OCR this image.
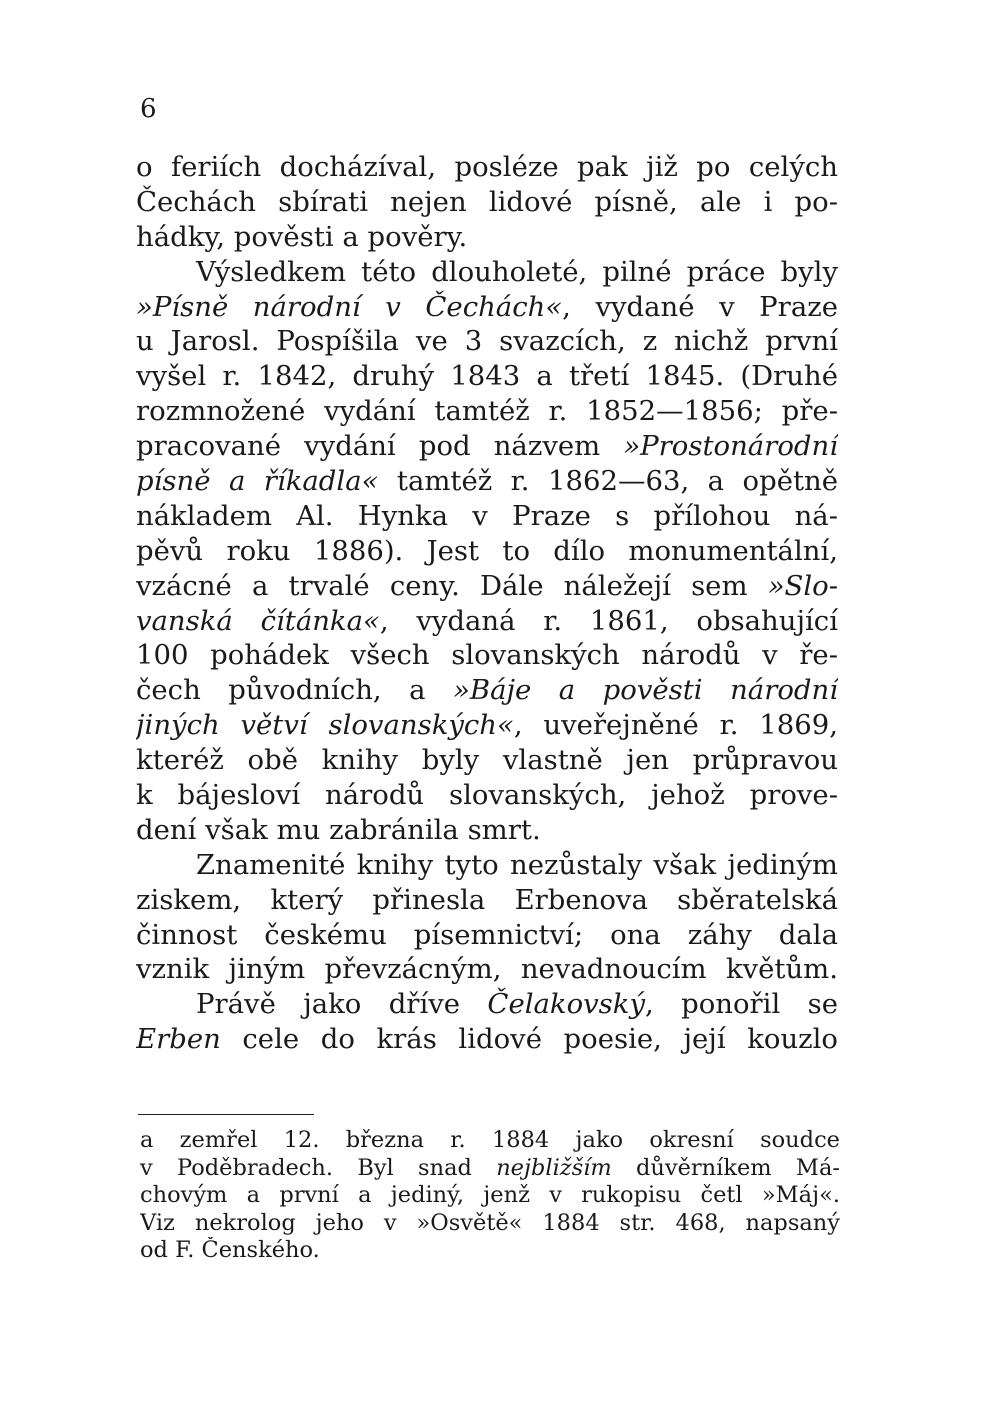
6
o feriích docházíval, posléze pak již po celých
Čechách sbírati nejen lidové písně, ale i po-
hádky, pověsti a pověry.
Výsledkem této dlouholeté, pilné práce byly
»Písně národní v Čechách«, vydané v Praze
u Jarosl. Pospíšila ve 3 svazcích, z nichž první
vyšel r. 1842, druhý 1843 a třetí 1845. (Druhé
rozmnožené vydání tamtéž r. 1852—1856; pře-
pracované vydání pod názvem »Prostonárodní
písně a říkadla« tamtéž r. 1862—63, a opětně
nákladem Al. Hynka v Praze s přílohou ná-
pěvů roku 1886). Jest to dílo monumentální,
vzácné a trvalé ceny. Dále náležejí sem »Slo-
vanská čítánka«, vydaná r. 1861, obsahující
100 pohádek všech slovanských národů v ře-
čech původních, a »Báje a pověsti národní
jiných větví slovanských«, uveřejněné r. 1869,
kteréž obě knihy byly vlastně jen průpravou
k bájesloví národů slovanských, jehož prove-
dení však mu zabránila smrt.
Znamenité knihy tyto nezůstaly však jediným
ziskem, který přinesla Erbenova sběratelská
činnost českému písemnictví; ona záhy dala
vznik jiným převzácným, nevadnoucím květům.
Právě jako dříve Čelakovský, ponořil se
Erben cele do krás lidové poesie, její kouzlo
a zemřel 12. března r. 1884 jako okresní soudce
v Poděbradech. Byl snad nejbližším důvěrníkem Má-
chovým a první a jediný, jenž v rukopisu četl »Máj«.
Viz nekrolog jeho v »Osvětě« 1884 str. 468, napsaný
od F. Čenského.
